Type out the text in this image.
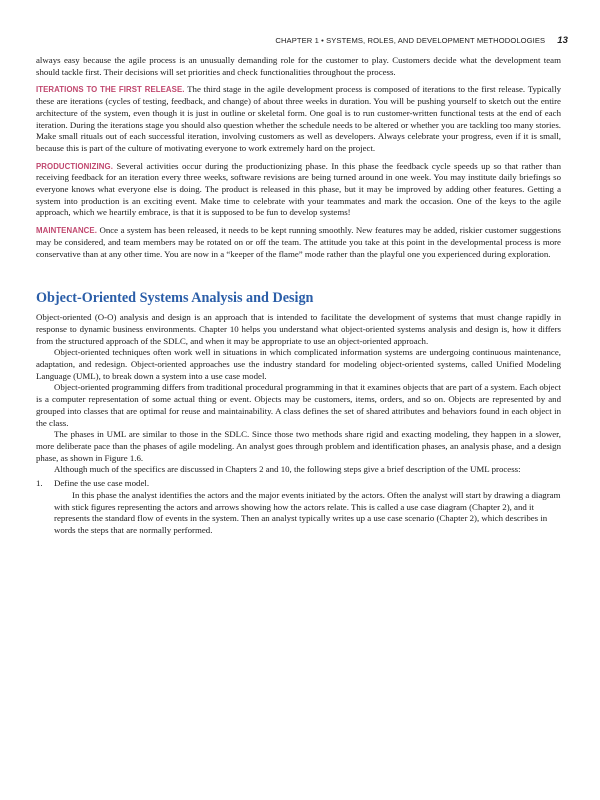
CHAPTER 1 • SYSTEMS, ROLES, AND DEVELOPMENT METHODOLOGIES 13

always easy because the agile process is an unusually demanding role for the customer to play. Customers decide what the development team should tackle first. Their decisions will set priorities and check functionalities throughout the process.

ITERATIONS TO THE FIRST RELEASE. The third stage in the agile development process is composed of iterations to the first release. Typically these are iterations (cycles of testing, feedback, and change) of about three weeks in duration. You will be pushing yourself to sketch out the entire architecture of the system, even though it is just in outline or skeletal form. One goal is to run customer-written functional tests at the end of each iteration. During the iterations stage you should also question whether the schedule needs to be altered or whether you are tackling too many stories. Make small rituals out of each successful iteration, involving customers as well as developers. Always celebrate your progress, even if it is small, because this is part of the culture of motivating everyone to work extremely hard on the project.

PRODUCTIONIZING. Several activities occur during the productionizing phase. In this phase the feedback cycle speeds up so that rather than receiving feedback for an iteration every three weeks, software revisions are being turned around in one week. You may institute daily briefings so everyone knows what everyone else is doing. The product is released in this phase, but it may be improved by adding other features. Getting a system into production is an exciting event. Make time to celebrate with your teammates and mark the occasion. One of the keys to the agile approach, which we heartily embrace, is that it is supposed to be fun to develop systems!

MAINTENANCE. Once a system has been released, it needs to be kept running smoothly. New features may be added, riskier customer suggestions may be considered, and team members may be rotated on or off the team. The attitude you take at this point in the developmental process is more conservative than at any other time. You are now in a “keeper of the flame” mode rather than the playful one you experienced during exploration.

Object-Oriented Systems Analysis and Design

Object-oriented (O-O) analysis and design is an approach that is intended to facilitate the development of systems that must change rapidly in response to dynamic business environments. Chapter 10 helps you understand what object-oriented systems analysis and design is, how it differs from the structured approach of the SDLC, and when it may be appropriate to use an object-oriented approach.

Object-oriented techniques often work well in situations in which complicated information systems are undergoing continuous maintenance, adaptation, and redesign. Object-oriented approaches use the industry standard for modeling object-oriented systems, called Unified Modeling Language (UML), to break down a system into a use case model.

Object-oriented programming differs from traditional procedural programming in that it examines objects that are part of a system. Each object is a computer representation of some actual thing or event. Objects may be customers, items, orders, and so on. Objects are represented by and grouped into classes that are optimal for reuse and maintainability. A class defines the set of shared attributes and behaviors found in each object in the class.

The phases in UML are similar to those in the SDLC. Since those two methods share rigid and exacting modeling, they happen in a slower, more deliberate pace than the phases of agile modeling. An analyst goes through problem and identification phases, an analysis phase, and a design phase, as shown in Figure 1.6.

Although much of the specifics are discussed in Chapters 2 and 10, the following steps give a brief description of the UML process:

1. Define the use case model.

In this phase the analyst identifies the actors and the major events initiated by the actors. Often the analyst will start by drawing a diagram with stick figures representing the actors and arrows showing how the actors relate. This is called a use case diagram (Chapter 2), and it represents the standard flow of events in the system. Then an analyst typically writes up a use case scenario (Chapter 2), which describes in words the steps that are normally performed.
